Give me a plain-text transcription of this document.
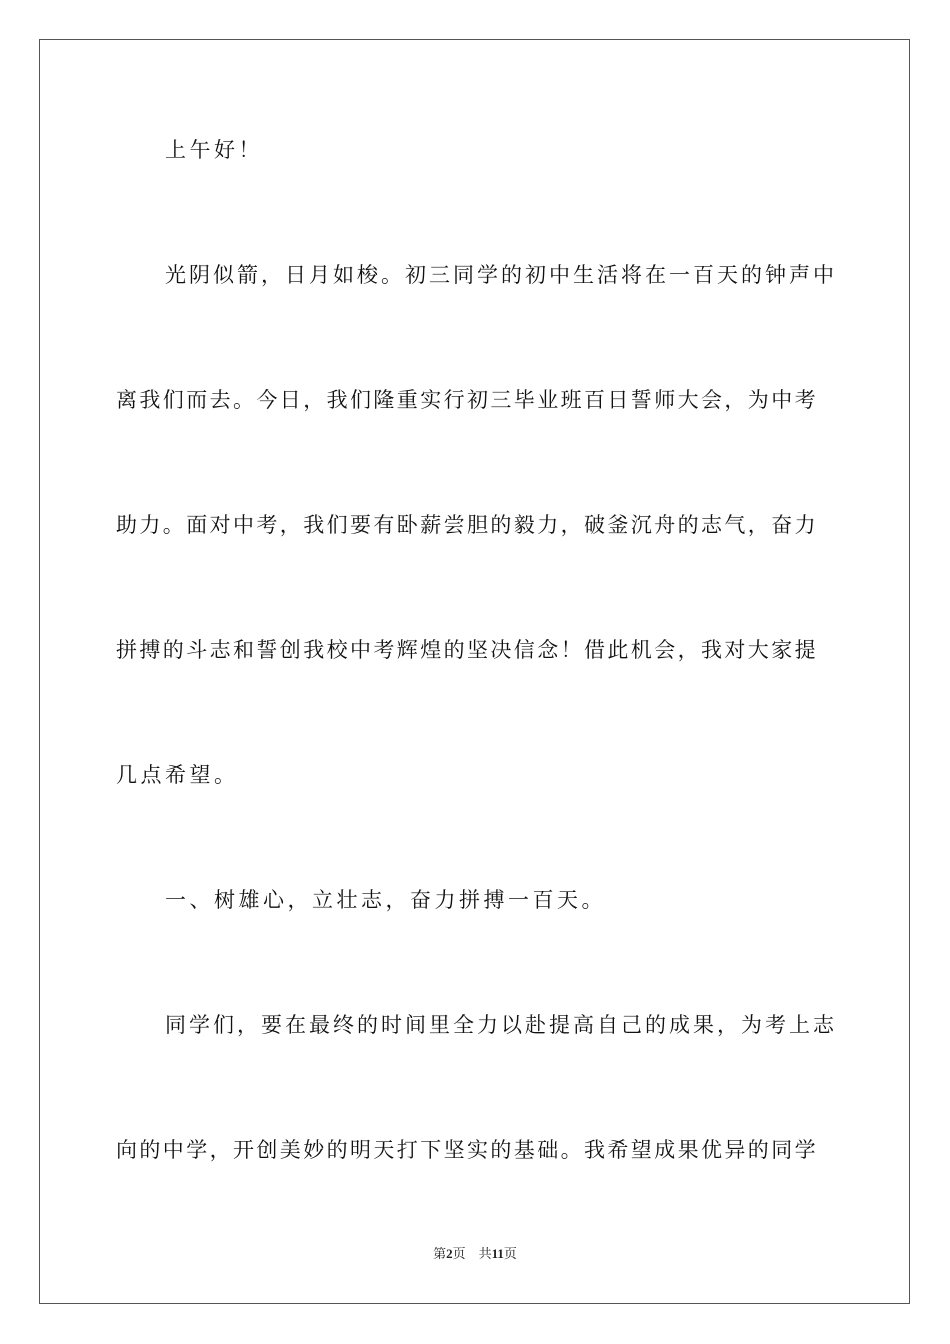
上午好！
光阴似箭，日月如梭。初三同学的初中生活将在一百天的钟声中
离我们而去。今日，我们隆重实行初三毕业班百日誓师大会，为中考
助力。面对中考，我们要有卧薪尝胆的毅力，破釜沉舟的志气，奋力
拼搏的斗志和誓创我校中考辉煌的坚决信念！借此机会，我对大家提
几点希望。
一、树雄心，立壮志，奋力拼搏一百天。
同学们，要在最终的时间里全力以赴提高自己的成果，为考上志
向的中学，开创美妙的明天打下坚实的基础。我希望成果优异的同学
第2页　共11页
